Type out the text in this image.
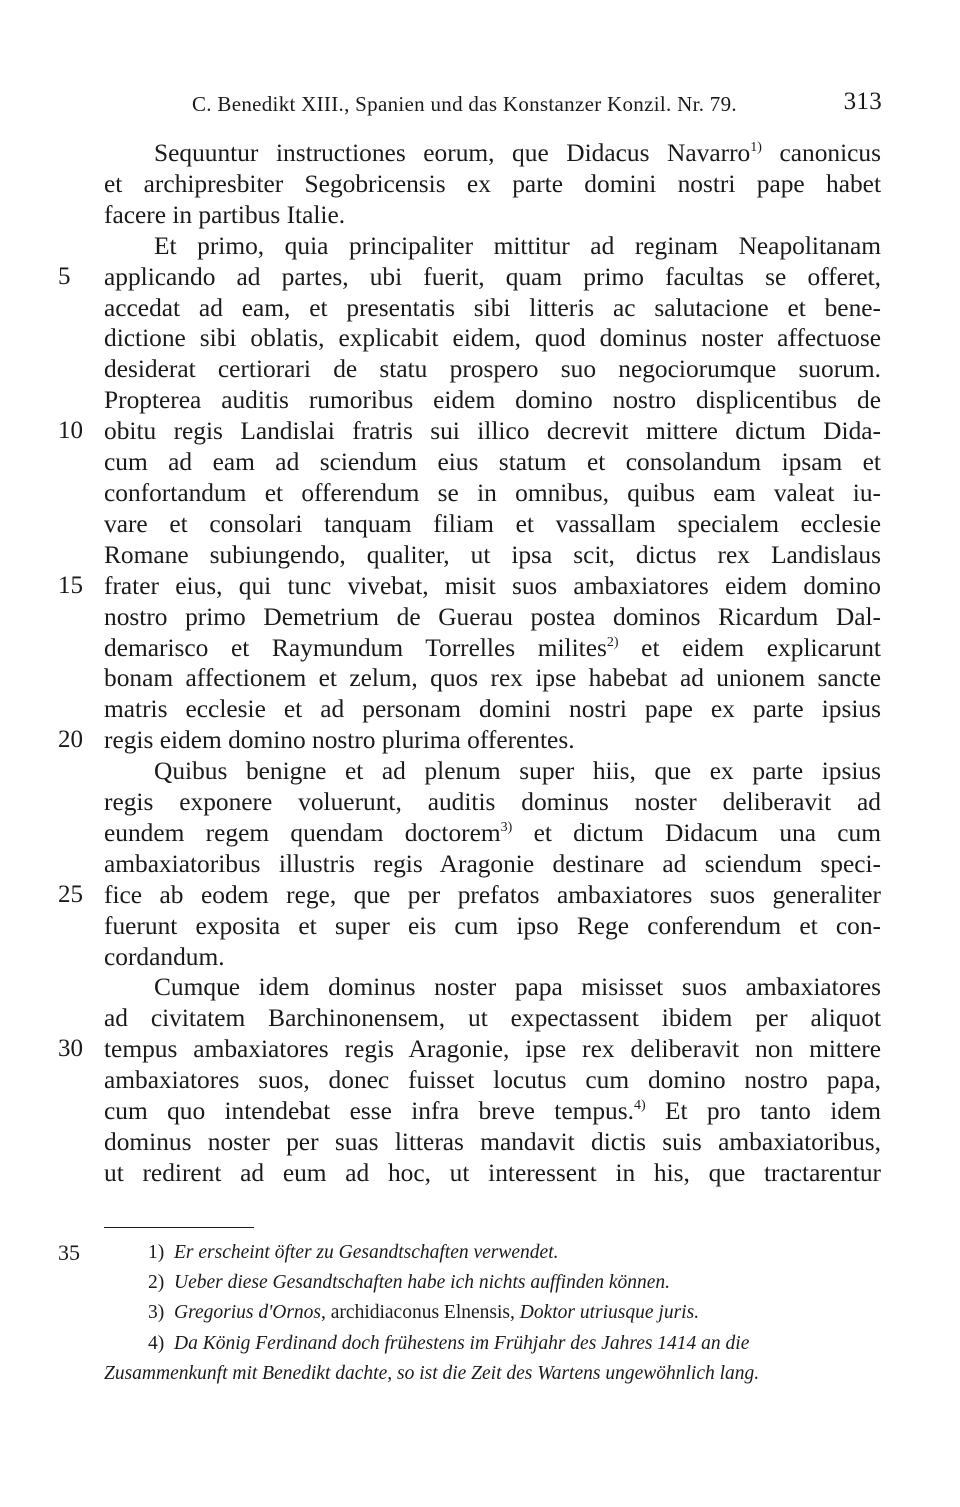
C. Benedikt XIII., Spanien und das Konstanzer Konzil. Nr. 79.	313
Sequuntur instructiones eorum, que Didacus Navarro$^{1)}$ canonicus
et archipresbiter Segobricensis ex parte domini nostri pape habet
facere in partibus Italie.
Et primo, quia principaliter mittitur ad reginam Neapolitanam
5 applicando ad partes, ubi fuerit, quam primo facultas se offeret,
accedat ad eam, et presentatis sibi litteris ac salutacione et bene-
dictione sibi oblatis, explicabit eidem, quod dominus noster affectuose
desiderat certiorari de statu prospero suo negociorumque suorum.
Propterea auditis rumoribus eidem domino nostro displicentibus de
10 obitu regis Landislai fratris sui illico decrevit mittere dictum Dida-
cum ad eam ad sciendum eius statum et consolandum ipsam et
confortandum et offerendum se in omnibus, quibus eam valeat iu-
vare et consolari tanquam filiam et vassallam specialem ecclesie
Romane subiungendo, qualiter, ut ipsa scit, dictus rex Landislaus
15 frater eius, qui tunc vivebat, misit suos ambaxiatores eidem domino
nostro primo Demetrium de Guerau postea dominos Ricardum Dal-
demarisco et Raymundum Torrelles milites$^{2)}$ et eidem explicarunt
bonam affectionem et zelum, quos rex ipse habebat ad unionem sancte
matris ecclesie et ad personam domini nostri pape ex parte ipsius
20 regis eidem domino nostro plurima offerentes.
Quibus benigne et ad plenum super hiis, que ex parte ipsius
regis exponere voluerunt, auditis dominus noster deliberavit ad
eundem regem quendam doctorem$^{3)}$ et dictum Didacum una cum
ambaxiatoribus illustris regis Aragonie destinare ad sciendum speci-
25 fice ab eodem rege, que per prefatos ambaxiatores suos generaliter
fuerunt exposita et super eis cum ipso Rege conferendum et con-
cordandum.
Cumque idem dominus noster papa misisset suos ambaxiatores
ad civitatem Barchinonensem, ut expectassent ibidem per aliquot
30 tempus ambaxiatores regis Aragonie, ipse rex deliberavit non mittere
ambaxiatores suos, donec fuisset locutus cum domino nostro papa,
cum quo intendebat esse infra breve tempus.$^{4)}$ Et pro tanto idem
dominus noster per suas litteras mandavit dictis suis ambaxiatoribus,
ut redirent ad eum ad hoc, ut interessent in his, que tractarentur
35	1) Er erscheint öfter zu Gesandtschaften verwendet.
2) Ueber diese Gesandtschaften habe ich nichts auffinden können.
3) Gregorius d'Ornos, archidiaconus Elnensis, Doktor utriusque juris.
4) Da König Ferdinand doch frühestens im Frühjahr des Jahres 1414 an die
Zusammenkunft mit Benedikt dachte, so ist die Zeit des Wartens ungewöhnlich lang.
